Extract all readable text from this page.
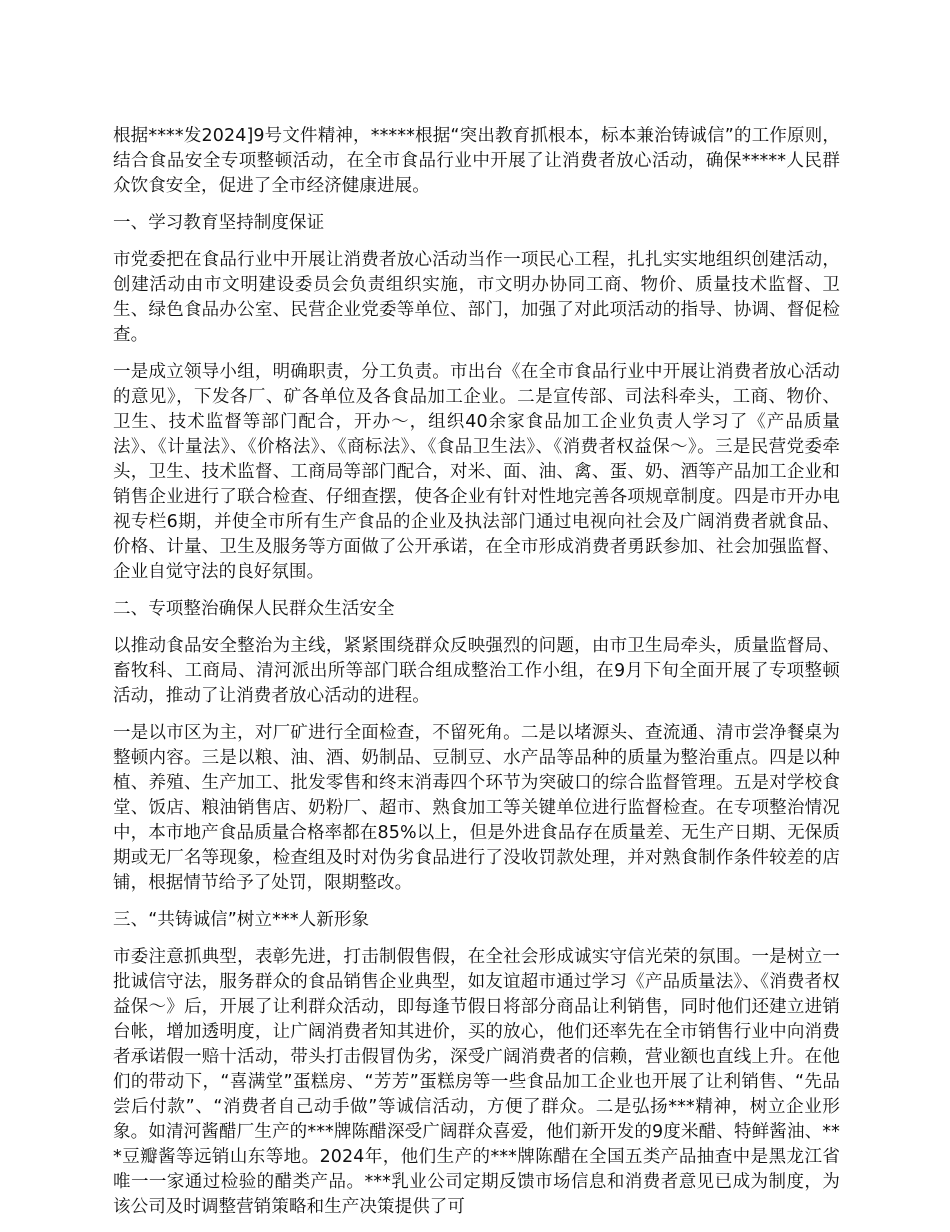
根据****发2024]9号文件精神，*****根据“突出教育抓根本，标本兼治铸诚信”的工作原则，结合食品安全专项整顿活动，在全市食品行业中开展了让消费者放心活动，确保*****人民群众饮食安全，促进了全市经济健康进展。

一、学习教育坚持制度保证

市党委把在食品行业中开展让消费者放心活动当作一项民心工程，扎扎实实地组织创建活动，创建活动由市文明建设委员会负责组织实施，市文明办协同工商、物价、质量技术监督、卫生、绿色食品办公室、民营企业党委等单位、部门，加强了对此项活动的指导、协调、督促检查。

一是成立领导小组，明确职责，分工负责。市出台《在全市食品行业中开展让消费者放心活动的意见》，下发各厂、矿各单位及各食品加工企业。二是宣传部、司法科牵头，工商、物价、卫生、技术监督等部门配合，开办～，组织40余家食品加工企业负责人学习了《产品质量法》、《计量法》、《价格法》、《商标法》、《食品卫生法》、《消费者权益保～》。三是民营党委牵头，卫生、技术监督、工商局等部门配合，对米、面、油、禽、蛋、奶、酒等产品加工企业和销售企业进行了联合检查、仔细查摆，使各企业有针对性地完善各项规章制度。四是市开办电视专栏6期，并使全市所有生产食品的企业及执法部门通过电视向社会及广阔消费者就食品、价格、计量、卫生及服务等方面做了公开承诺，在全市形成消费者勇跃参加、社会加强监督、企业自觉守法的良好氛围。

二、专项整治确保人民群众生活安全

以推动食品安全整治为主线，紧紧围绕群众反映强烈的问题，由市卫生局牵头，质量监督局、畜牧科、工商局、清河派出所等部门联合组成整治工作小组，在9月下旬全面开展了专项整顿活动，推动了让消费者放心活动的进程。

一是以市区为主，对厂矿进行全面检查，不留死角。二是以堵源头、查流通、清市尝净餐桌为整顿内容。三是以粮、油、酒、奶制品、豆制豆、水产品等品种的质量为整治重点。四是以种植、养殖、生产加工、批发零售和终末消毒四个环节为突破口的综合监督管理。五是对学校食堂、饭店、粮油销售店、奶粉厂、超市、熟食加工等关键单位进行监督检查。在专项整治情况中，本市地产食品质量合格率都在85%以上，但是外进食品存在质量差、无生产日期、无保质期或无厂名等现象，检查组及时对伪劣食品进行了没收罚款处理，并对熟食制作条件较差的店铺，根据情节给予了处罚，限期整改。

三、“共铸诚信”树立***人新形象

市委注意抓典型，表彰先进，打击制假售假，在全社会形成诚实守信光荣的氛围。一是树立一批诚信守法，服务群众的食品销售企业典型，如友谊超市通过学习《产品质量法》、《消费者权益保～》后，开展了让利群众活动，即每逢节假日将部分商品让利销售，同时他们还建立进销台帐，增加透明度，让广阔消费者知其进价，买的放心，他们还率先在全市销售行业中向消费者承诺假一赔十活动，带头打击假冒伪劣，深受广阔消费者的信赖，营业额也直线上升。在他们的带动下，“喜满堂”蛋糕房、“芳芳”蛋糕房等一些食品加工企业也开展了让利销售、“先品尝后付款”、“消费者自己动手做”等诚信活动，方便了群众。二是弘扬***精神，树立企业形象。如清河酱醋厂生产的***牌陈醋深受广阔群众喜爱，他们新开发的9度米醋、特鲜酱油、***豆瓣酱等远销山东等地。2024年，他们生产的***牌陈醋在全国五类产品抽查中是黑龙江省唯一一家通过检验的醋类产品。***乳业公司定期反馈市场信息和消费者意见已成为制度，为该公司及时调整营销策略和生产决策提供了可
